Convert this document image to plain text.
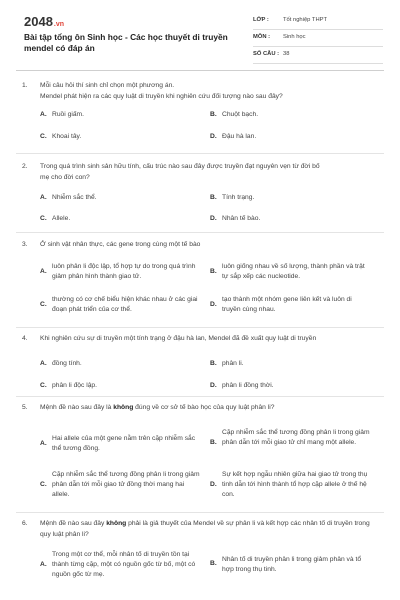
2048.vn
Bài tập tổng ôn Sinh học - Các học thuyết di truyền mendel có đáp án
LỚP : Tốt nghiệp THPT
MÔN : Sinh học
SỐ CÂU : 38
1. Mỗi câu hỏi thí sinh chỉ chọn một phương án.
Mendel phát hiện ra các quy luật di truyền khi nghiên cứu đối tượng nào sau đây?
A. Ruồi giấm.	B. Chuột bạch.
C. Khoai tây.	D. Đậu hà lan.
2. Trong quá trình sinh sản hữu tính, cấu trúc nào sau đây được truyền đạt nguyên vẹn từ đời bố
mẹ cho đời con?
A. Nhiễm sắc thể.	B. Tính trạng.
C. Allele.	D. Nhân tế bào.
3. Ở sinh vật nhân thực, các gene trong cùng một tế bào
A.
luôn phân li độc lập, tổ hợp tự do trong quá trình giảm phân hình thành giao tử.
B.
luôn giống nhau về số lượng, thành phần và trật tự sắp xếp các nucleotide.
C.
thường có cơ chế biểu hiện khác nhau ở các giai đoạn phát triển của cơ thể.
D.
tạo thành một nhóm gene liên kết và luôn di truyền cùng nhau.
4. Khi nghiên cứu sự di truyền một tính trạng ở đậu hà lan, Mendel đã đề xuất quy luật di truyền
A. đồng tính.	B. phân li.
C. phân li độc lập.	D. phân li đồng thời.
5. Mệnh đề nào sau đây là không đúng về cơ sở tế bào học của quy luật phân li?
A.
Hai allele của một gene nằm trên cặp nhiễm sắc thể tương đồng.
B.
Cặp nhiễm sắc thể tương đồng phân li trong giảm phân dẫn tới mỗi giao tử chỉ mang một allele.
C.
Cặp nhiễm sắc thể tương đồng phân li trong giảm phân dẫn tới mỗi giao tử đồng thời mang hai allele.
D.
Sự kết hợp ngẫu nhiên giữa hai giao tử trong thụ tinh dẫn tới hình thành tổ hợp cặp allele ở thế hệ con.
6. Mệnh đề nào sau đây không phải là giả thuyết của Mendel về sự phân li và kết hợp các nhân tố di truyền trong quy luật phân li?
A.
Trong một cơ thể, mỗi nhân tố di truyền tồn tại thành từng cặp, một có nguồn gốc từ bố, một có nguồn gốc từ mẹ.
B.
Nhân tố di truyền phân li trong giảm phân và tổ hợp trong thụ tinh.
